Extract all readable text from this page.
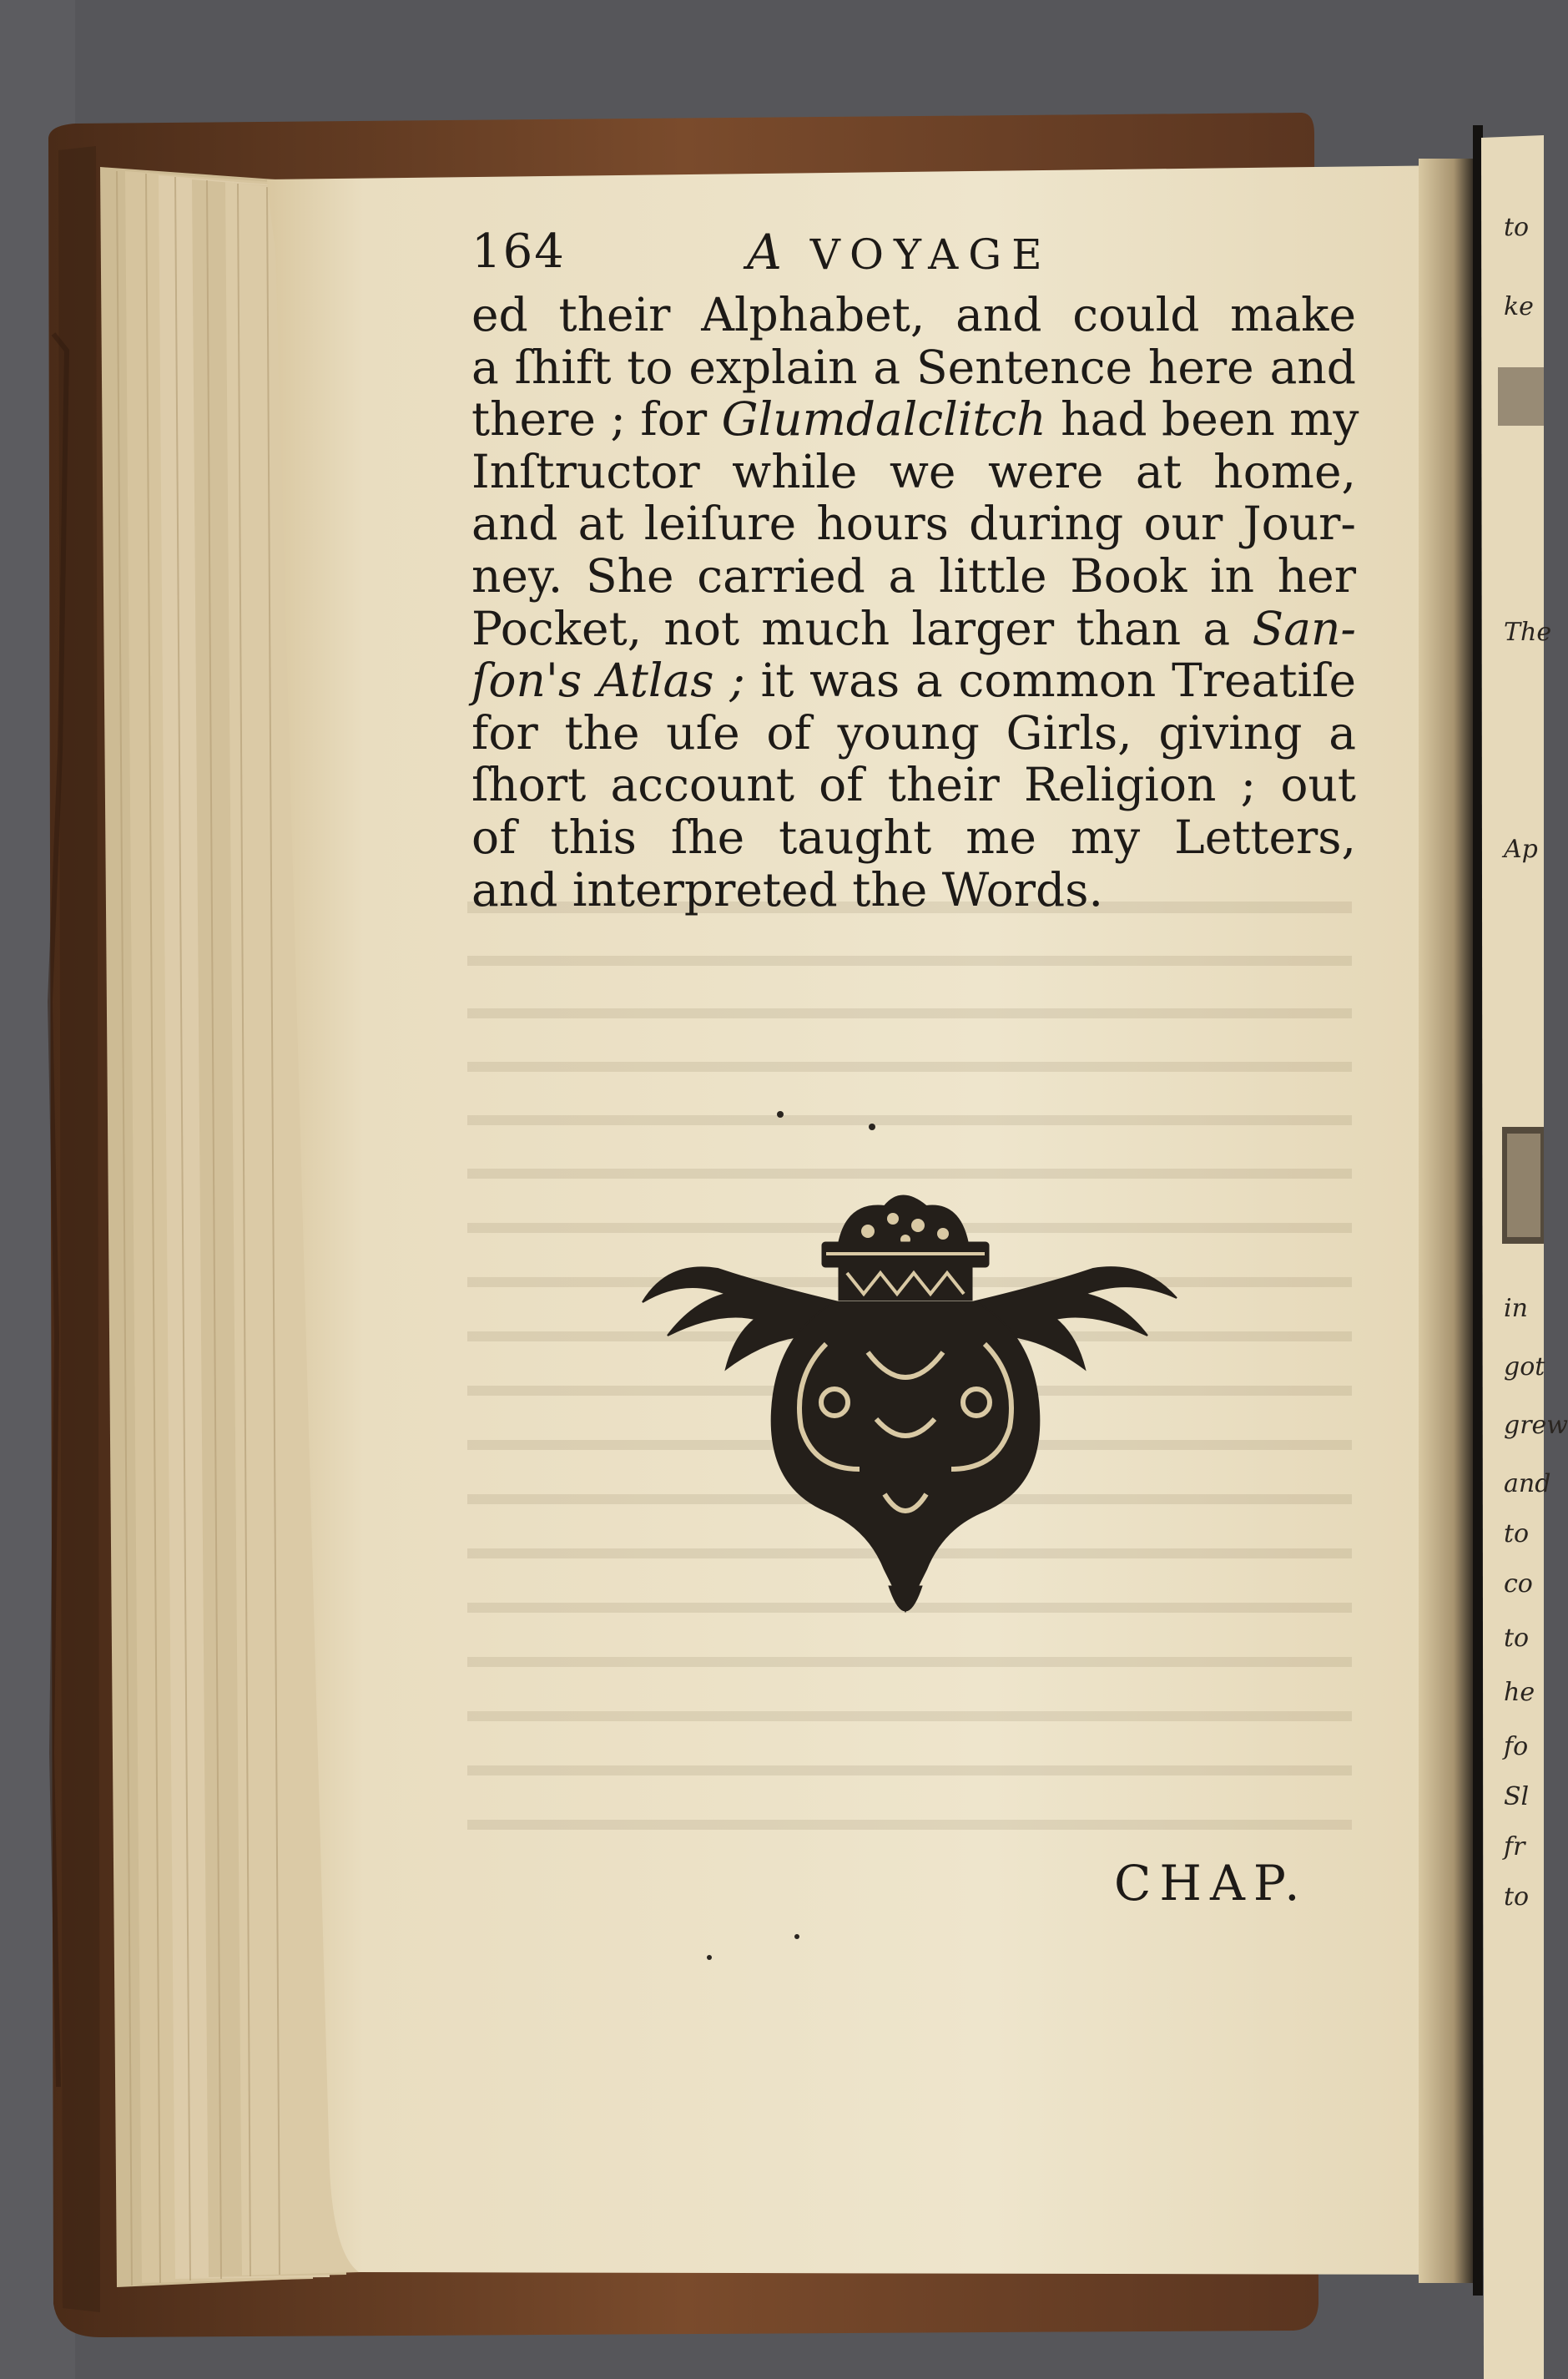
164	A VOYAGE
ed their Alphabet, and could make
a ſhift to explain a Sentence here and
there ; for Glumdalclitch had been my
Inſtructor while we were at home,
and at leiſure hours during our Jour-
ney. She carried a little Book in her
Pocket, not much larger than a San-
ſon's Atlas ; it was a common Treatiſe
for the uſe of young Girls, giving a
ſhort account of their Religion ; out
of this ſhe taught me my Letters,
and interpreted the Words.
CHAP.
to
ke
The
Ap
in
got
grew
and
to
co
to
he
fo
Sl
fr
to
